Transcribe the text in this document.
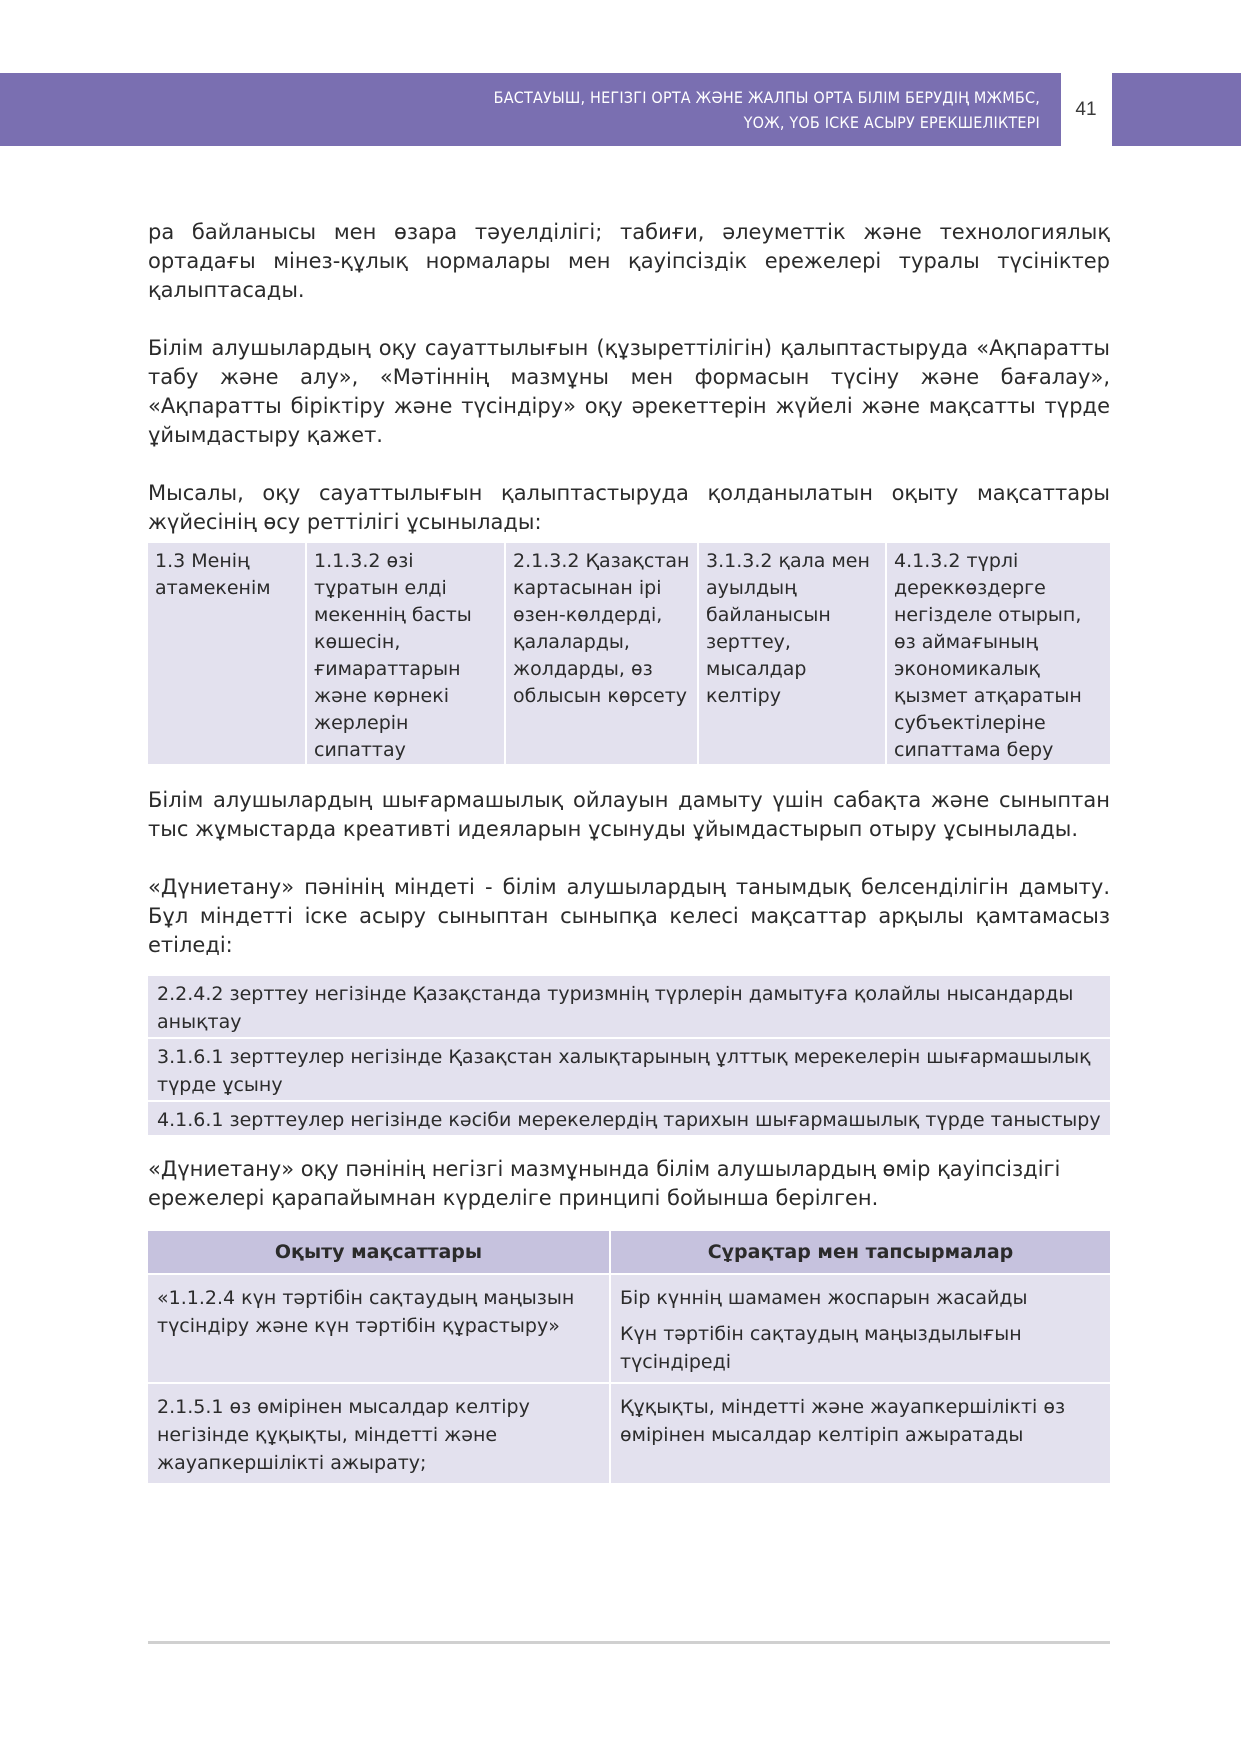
БАСТАУЫШ, НЕГІЗГІ ОРТА ЖӘНЕ ЖАЛПЫ ОРТА БІЛІМ БЕРУДІҢ МЖМБС,
ҮОЖ, ҮОБ ІСКЕ АСЫРУ ЕРЕКШЕЛІКТЕРІ
41

ра байланысы мен өзара тәуелділігі; табиғи, әлеуметтік және технологиялық ортадағы мінез-құлық нормалары мен қауіпсіздік ережелері туралы түсініктер қалыптасады.

Білім алушылардың оқу сауаттылығын (құзыреттілігін) қалыптастыруда «Ақпаратты табу және алу», «Мәтіннің мазмұны мен формасын түсіну және бағалау», «Ақпаратты біріктіру және түсіндіру» оқу әрекеттерін жүйелі және мақсатты түрде ұйымдастыру қажет.

Мысалы, оқу сауаттылығын қалыптастыруда қолданылатын оқыту мақсаттары жүйесінің өсу реттілігі ұсынылады:

1.3 Менің атамекенім	1.1.3.2 өзі тұратын елді мекеннің басты көшесін, ғимараттарын және көрнекі жерлерін сипаттау	2.1.3.2 Қазақстан картасынан ірі өзен-көлдерді, қалаларды, жолдарды, өз облысын көрсету	3.1.3.2 қала мен ауылдың байланысын зерттеу, мысалдар келтіру	4.1.3.2 түрлі дереккөздерге негізделе отырып, өз аймағының экономикалық қызмет атқаратын субъектілеріне сипаттама беру

Білім алушылардың шығармашылық ойлауын дамыту үшін сабақта және сыныптан тыс жұмыстарда креативті идеяларын ұсынуды ұйымдастырып отыру ұсынылады.

«Дүниетану» пәнінің міндеті - білім алушылардың танымдық белсенділігін дамыту. Бұл міндетті іске асыру сыныптан сыныпқа келесі мақсаттар арқылы қамтамасыз етіледі:

2.2.4.2 зерттеу негізінде Қазақстанда туризмнің түрлерін дамытуға қолайлы нысандарды анықтау
3.1.6.1 зерттеулер негізінде Қазақстан халықтарының ұлттық мерекелерін шығармашылық түрде ұсыну
4.1.6.1 зерттеулер негізінде кәсіби мерекелердің тарихын шығармашылық түрде таныстыру

«Дүниетану» оқу пәнінің негізгі мазмұнында білім алушылардың өмір қауіпсіздігі ережелері қарапайымнан күрделіге принципі бойынша берілген.

Оқыту мақсаттары	Сұрақтар мен тапсырмалар

«1.1.2.4 күн тәртібін сақтаудың маңызын түсіндіру және күн тәртібін құрастыру»	Бір күннің шамамен жоспарын жасайды

Күн тәртібін сақтаудың маңыздылығын түсіндіреді

2.1.5.1 өз өмірінен мысалдар келтіру негізінде құқықты, міндетті және жауапкершілікті ажырату;	Құқықты, міндетті және жауапкершілікті өз өмірінен мысалдар келтіріп ажыратады
